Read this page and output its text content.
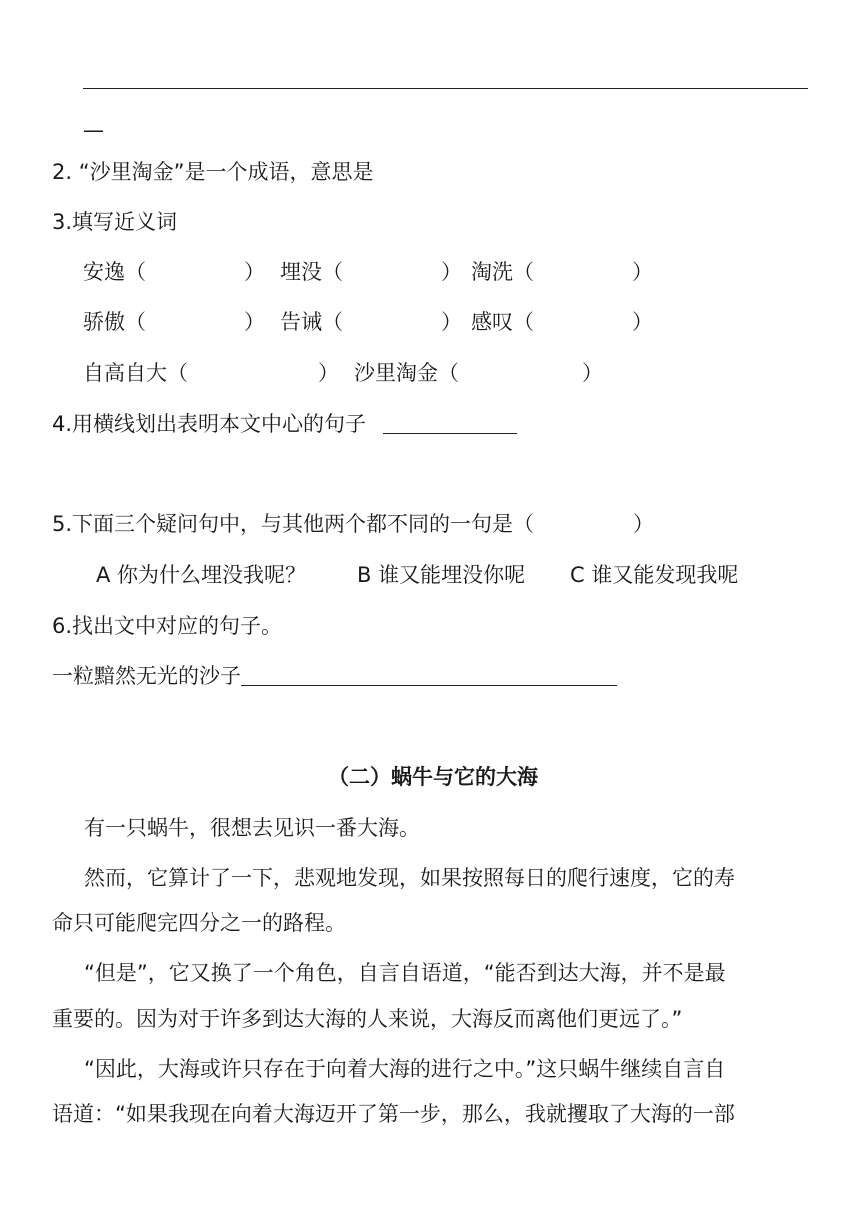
—
2. “沙里淘金”是一个成语，意思是
3.填写近义词
安逸（	） 埋没（	） 淘洗（	）
骄傲（	） 告诫（	） 感叹（	）
自高自大（	） 沙里淘金（	）
4.用横线划出表明本文中心的句子
5.下面三个疑问句中，与其他两个都不同的一句是（	）
A 你为什么埋没我呢？ B 谁又能埋没你呢 C 谁又能发现我呢
6.找出文中对应的句子。
一粒黯然无光的沙子
（二）蜗牛与它的大海
有一只蜗牛，很想去见识一番大海。
然而，它算计了一下，悲观地发现，如果按照每日的爬行速度，它的寿
命只可能爬完四分之一的路程。
“但是”，它又换了一个角色，自言自语道，“能否到达大海，并不是最
重要的。因为对于许多到达大海的人来说，大海反而离他们更远了。”
“因此，大海或许只存在于向着大海的进行之中。”这只蜗牛继续自言自
语道：“如果我现在向着大海迈开了第一步，那么，我就攫取了大海的一部
